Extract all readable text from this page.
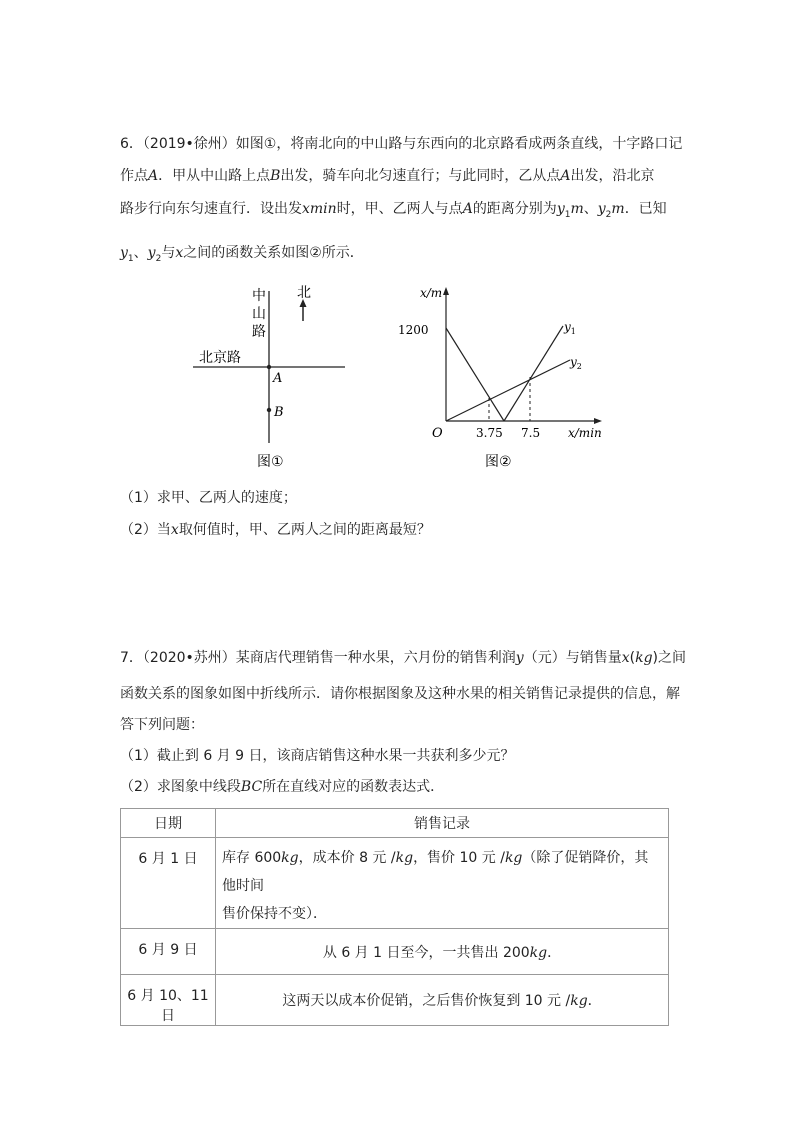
6．（2019•徐州）如图①，将南北向的中山路与东西向的北京路看成两条直线，十字路口记
作点A．甲从中山路上点B出发，骑车向北匀速直行；与此同时，乙从点A出发，沿北京
路步行向东匀速直行．设出发xmin时，甲、乙两人与点A的距离分别为$y_1m$、$y_2m$．已知
$y_1$、$y_2$与x之间的函数关系如图②所示．
中
山
路
北
北京路
A
B
图①
x/m
x/min
O
1200
3.75 7.5
$y_1$
$y_2$
图②
（1）求甲、乙两人的速度；
（2）当x取何值时，甲、乙两人之间的距离最短？
7．（2020•苏州）某商店代理销售一种水果，六月份的销售利润y（元）与销售量x(kg)之间
函数关系的图象如图中折线所示．请你根据图象及这种水果的相关销售记录提供的信息，解
答下列问题：
（1）截止到 6 月 9 日，该商店销售这种水果一共获利多少元？
（2）求图象中线段BC所在直线对应的函数表达式．
日期	销售记录
6 月 1 日	库存 600kg，成本价 8 元 /kg，售价 10 元 /kg（除了促销降价，其他时间
售价保持不变）．
6 月 9 日	从 6 月 1 日至今，一共售出 200kg．
6 月 10、11 日	这两天以成本价促销，之后售价恢复到 10 元 /kg．
